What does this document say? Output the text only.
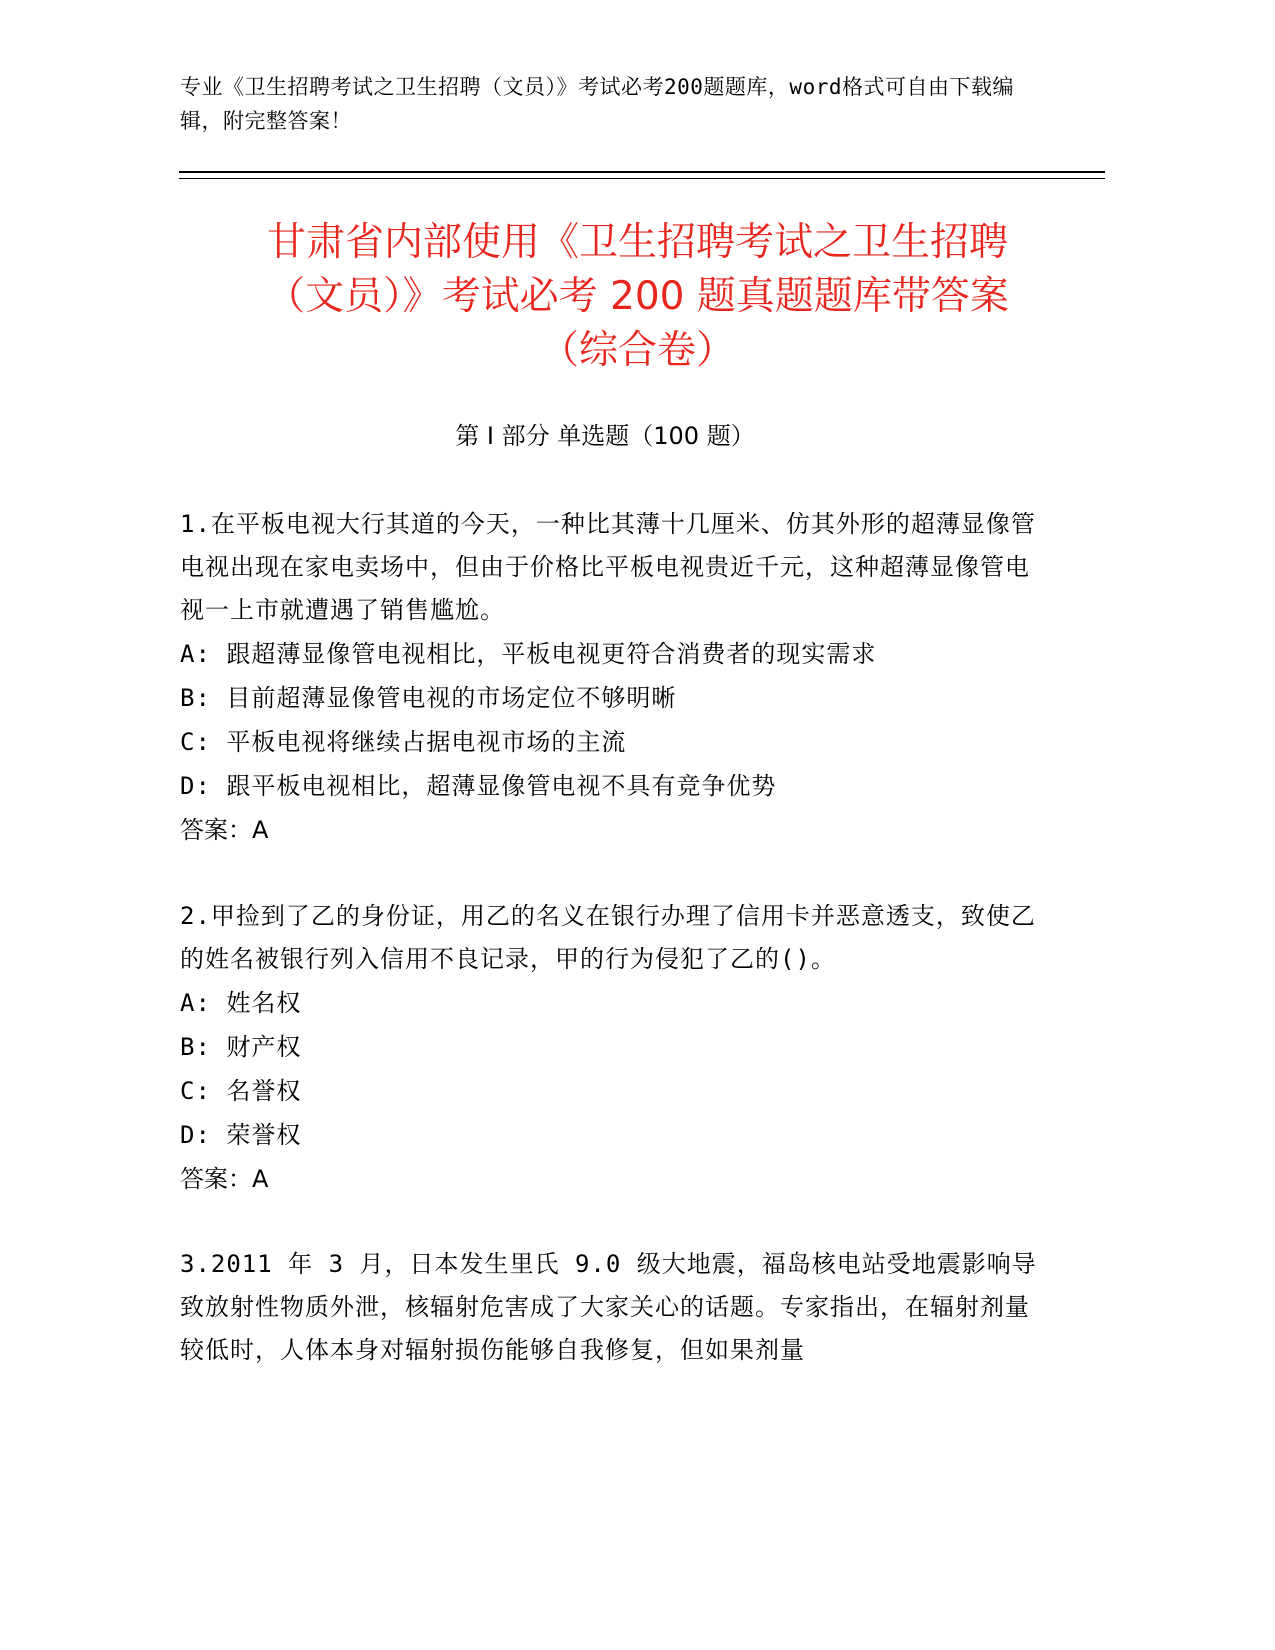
专业《卫生招聘考试之卫生招聘（文员）》考试必考200题题库，word格式可自由下载编辑，附完整答案！
甘肃省内部使用《卫生招聘考试之卫生招聘
（文员）》考试必考 200 题真题题库带答案
（综合卷）
第 I 部分 单选题（100 题）
1.在平板电视大行其道的今天，一种比其薄十几厘米、仿其外形的超薄显像管电视出现在家电卖场中，但由于价格比平板电视贵近千元，这种超薄显像管电视一上市就遭遇了销售尴尬。
A: 跟超薄显像管电视相比，平板电视更符合消费者的现实需求
B: 目前超薄显像管电视的市场定位不够明晰
C: 平板电视将继续占据电视市场的主流
D: 跟平板电视相比，超薄显像管电视不具有竞争优势
答案：A
2.甲捡到了乙的身份证，用乙的名义在银行办理了信用卡并恶意透支，致使乙的姓名被银行列入信用不良记录，甲的行为侵犯了乙的()。
A: 姓名权
B: 财产权
C: 名誉权
D: 荣誉权
答案：A
3.2011 年 3 月，日本发生里氏 9.0 级大地震，福岛核电站受地震影响导致放射性物质外泄，核辐射危害成了大家关心的话题。专家指出，在辐射剂量较低时，人体本身对辐射损伤能够自我修复，但如果剂量
